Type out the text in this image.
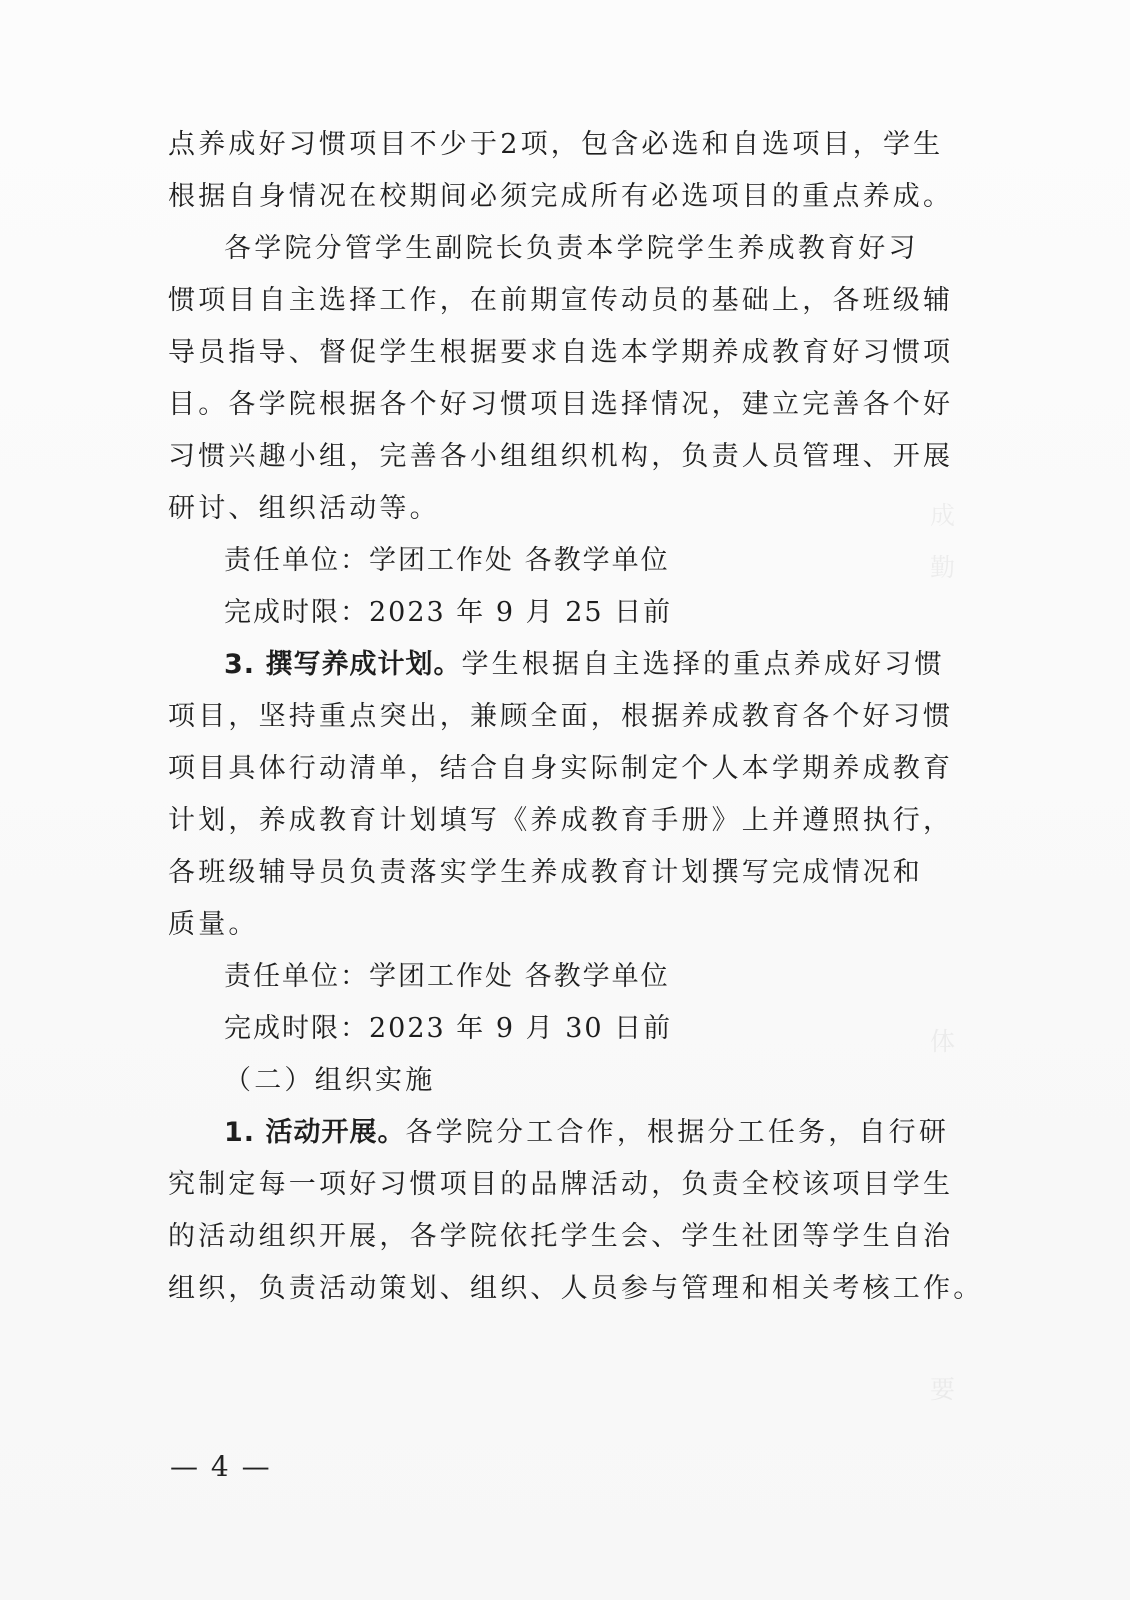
成
勤
体
要
点养成好习惯项目不少于2项，包含必选和自选项目，学生
根据自身情况在校期间必须完成所有必选项目的重点养成。
各学院分管学生副院长负责本学院学生养成教育好习
惯项目自主选择工作，在前期宣传动员的基础上，各班级辅
导员指导、督促学生根据要求自选本学期养成教育好习惯项
目。各学院根据各个好习惯项目选择情况，建立完善各个好
习惯兴趣小组，完善各小组组织机构，负责人员管理、开展
研讨、组织活动等。
责任单位：学团工作处 各教学单位
完成时限：2023 年 9 月 25 日前
3. 撰写养成计划。学生根据自主选择的重点养成好习惯
项目，坚持重点突出，兼顾全面，根据养成教育各个好习惯
项目具体行动清单，结合自身实际制定个人本学期养成教育
计划，养成教育计划填写《养成教育手册》上并遵照执行，
各班级辅导员负责落实学生养成教育计划撰写完成情况和
质量。
责任单位：学团工作处 各教学单位
完成时限：2023 年 9 月 30 日前
（二）组织实施
1. 活动开展。各学院分工合作，根据分工任务，自行研
究制定每一项好习惯项目的品牌活动，负责全校该项目学生
的活动组织开展，各学院依托学生会、学生社团等学生自治
组织，负责活动策划、组织、人员参与管理和相关考核工作。
— 4 —
